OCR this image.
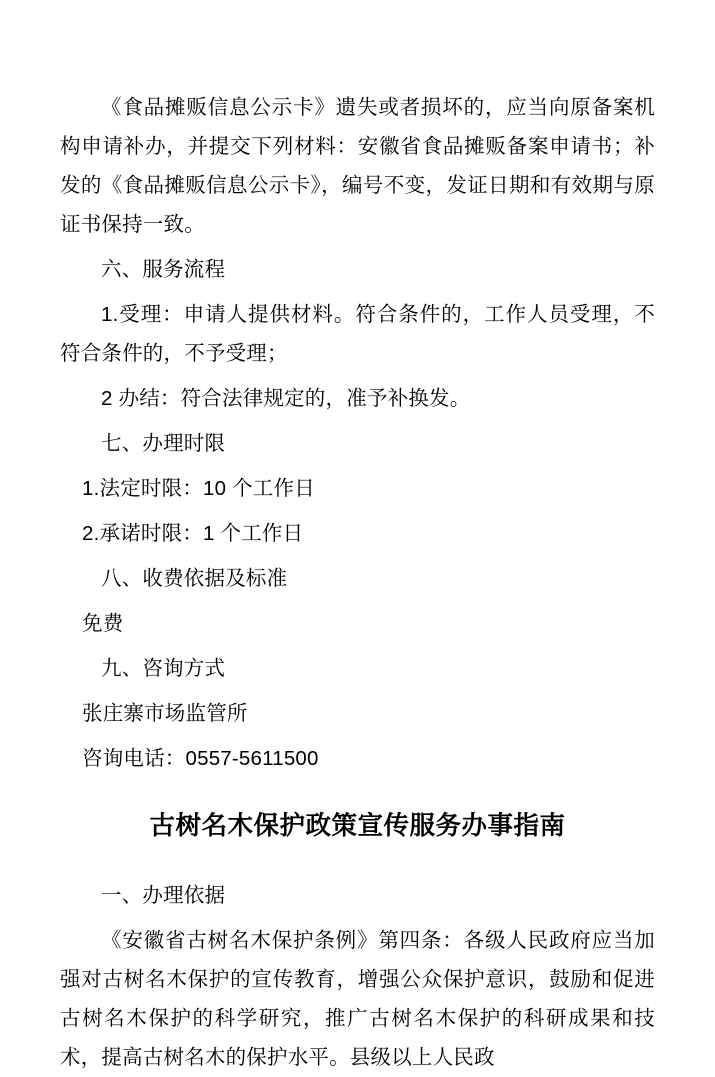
《食品摊贩信息公示卡》遗失或者损坏的，应当向原备案机构申请补办，并提交下列材料：安徽省食品摊贩备案申请书；补发的《食品摊贩信息公示卡》，编号不变，发证日期和有效期与原证书保持一致。

六、服务流程

1.受理：申请人提供材料。符合条件的，工作人员受理，不符合条件的，不予受理；

2 办结：符合法律规定的，准予补换发。

七、办理时限

1.法定时限：10 个工作日

2.承诺时限：1 个工作日

八、收费依据及标准

免费

九、咨询方式

张庄寨市场监管所

咨询电话：0557-5611500

古树名木保护政策宣传服务办事指南

一、办理依据

《安徽省古树名木保护条例》第四条：各级人民政府应当加强对古树名木保护的宣传教育，增强公众保护意识，鼓励和促进古树名木保护的科学研究，推广古树名木保护的科研成果和技术，提高古树名木的保护水平。县级以上人民政
